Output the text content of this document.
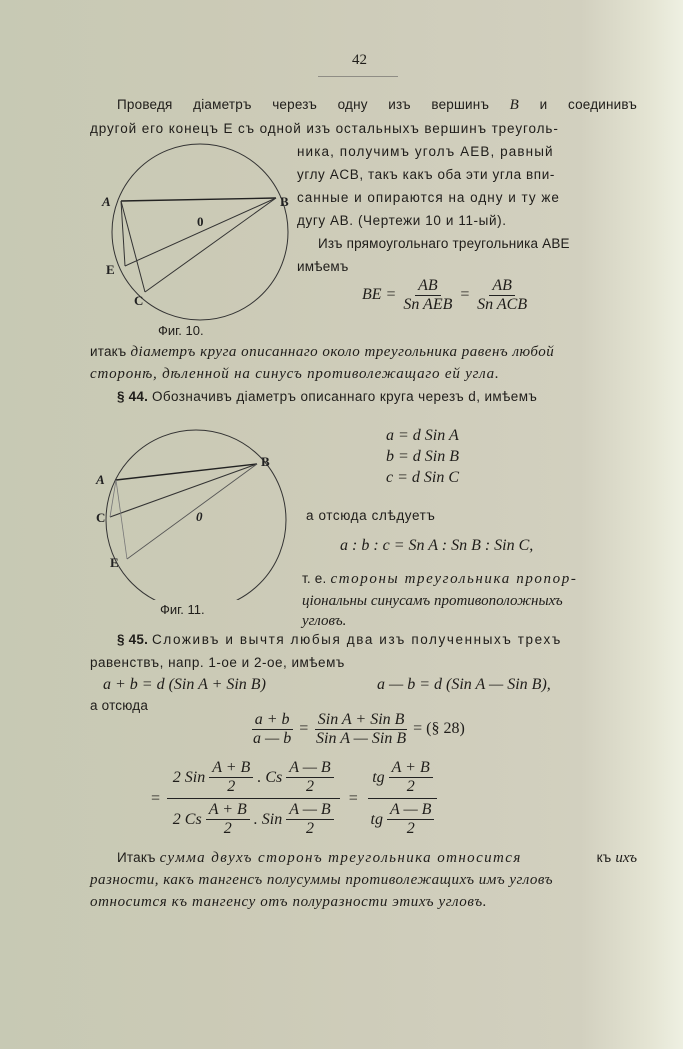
42
Проведя діаметръ черезъ одну изъ вершинъ B и соединивъ
другой его конецъ E съ одной изъ остальныхъ вершинъ треуголь-
ника, получимъ уголъ AEB, равный
углу ACB, такъ какъ оба эти угла впи-
санные и опираются на одну и ту же
дугу AB. (Чертежи 10 и 11-ый).
Изъ прямоугольнаго треугольника ABE
имѣемъ
BE = $\frac{AB}{\text{Sn AEB}} = \frac{AB}{\text{Sn ACB}}$
A	B
0
E
C
Фиг. 10.
итакъ діаметръ круга описаннаго около треугольника равенъ любой
сторонѣ, дѣленной на синусъ противолежащаго ей угла.
§ 44. Обозначивъ діаметръ описаннаго круга черезъ d, имѣемъ
a = d Sin A
b = d Sin B
c = d Sin C
а отсюда слѣдуетъ
a : b : c = Sn A : Sn B : Sin C,
т. е. стороны треугольника пропор-
ціональны синусамъ противоположныхъ
угловъ.
A
B
0
C
E
Фиг. 11.
§ 45. Сложивъ и вычтя любыя два изъ полученныхъ трехъ
равенствъ, напр. 1-ое и 2-ое, имѣемъ
a + b = d (Sin A + Sin B)	a — b = d (Sin A — Sin B),
а отсюда
$\frac{a + b}{a — b} = \frac{\text{Sin A + Sin B}}{\text{Sin A — Sin B}}$ = (§ 28)
= $\frac{2 Sin \frac{A + B}{2} . Cs \frac{A — B}{2}}{2 Cs \frac{A + B}{2} . Sin \frac{A — B}{2}} = \frac{tg \frac{A + B}{2}}{tg \frac{A — B}{2}}$
Итакъ сумма двухъ сторонъ треугольника относится	къ ихъ
разности, какъ тангенсъ полусуммы противолежащихъ имъ угловъ
относится къ тангенсу отъ полуразности этихъ угловъ.
